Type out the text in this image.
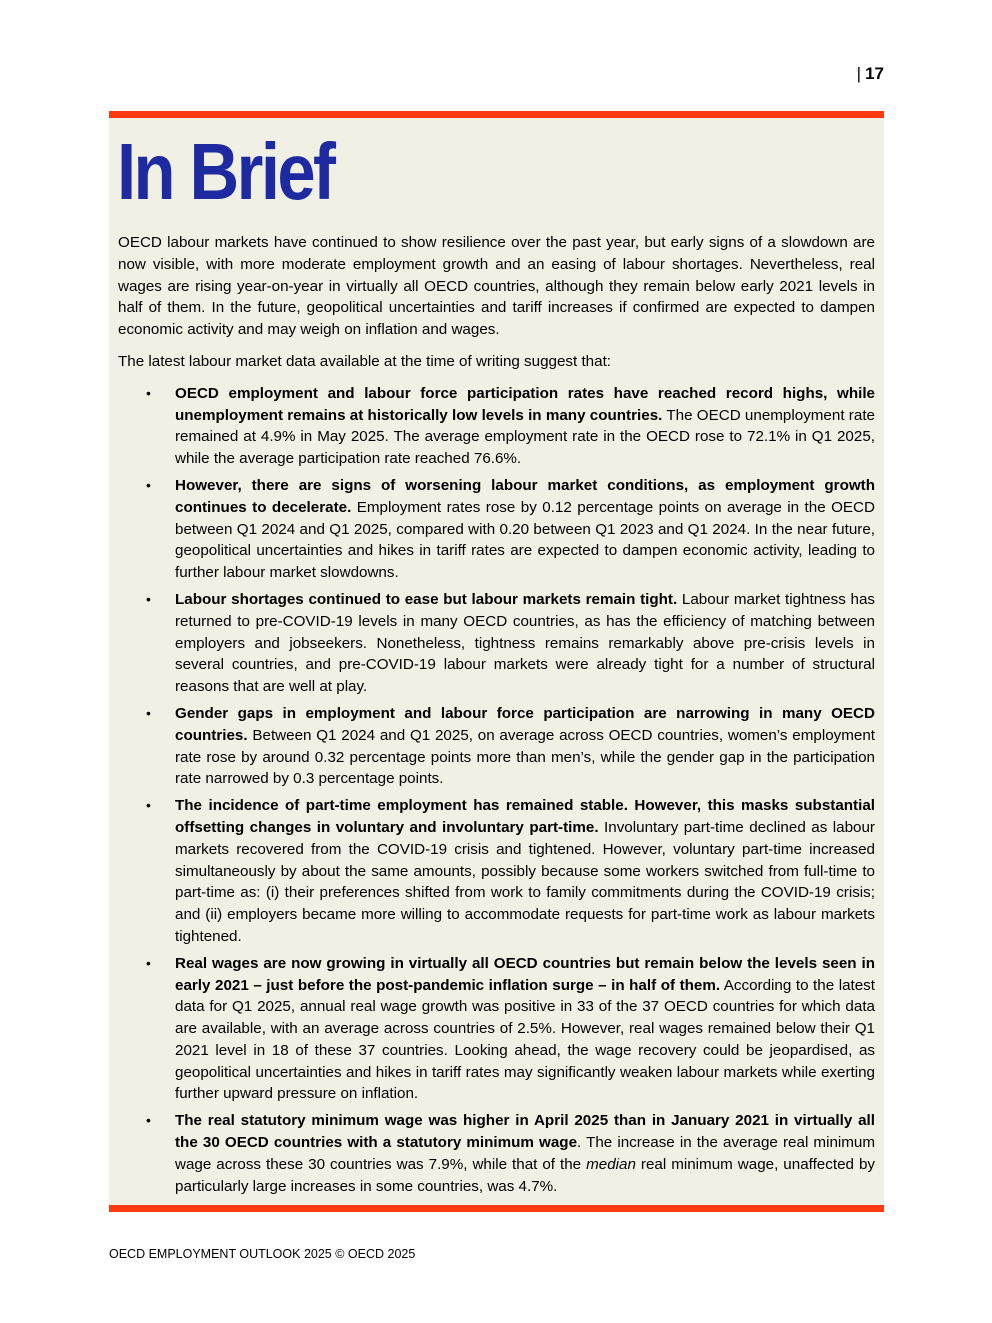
| 17
In Brief

OECD labour markets have continued to show resilience over the past year, but early signs of a slowdown are now visible, with more moderate employment growth and an easing of labour shortages. Nevertheless, real wages are rising year-on-year in virtually all OECD countries, although they remain below early 2021 levels in half of them. In the future, geopolitical uncertainties and tariff increases if confirmed are expected to dampen economic activity and may weigh on inflation and wages.

The latest labour market data available at the time of writing suggest that:

• OECD employment and labour force participation rates have reached record highs, while unemployment remains at historically low levels in many countries. The OECD unemployment rate remained at 4.9% in May 2025. The average employment rate in the OECD rose to 72.1% in Q1 2025, while the average participation rate reached 76.6%.
• However, there are signs of worsening labour market conditions, as employment growth continues to decelerate. Employment rates rose by 0.12 percentage points on average in the OECD between Q1 2024 and Q1 2025, compared with 0.20 between Q1 2023 and Q1 2024. In the near future, geopolitical uncertainties and hikes in tariff rates are expected to dampen economic activity, leading to further labour market slowdowns.
• Labour shortages continued to ease but labour markets remain tight. Labour market tightness has returned to pre-COVID-19 levels in many OECD countries, as has the efficiency of matching between employers and jobseekers. Nonetheless, tightness remains remarkably above pre-crisis levels in several countries, and pre-COVID-19 labour markets were already tight for a number of structural reasons that are well at play.
• Gender gaps in employment and labour force participation are narrowing in many OECD countries. Between Q1 2024 and Q1 2025, on average across OECD countries, women’s employment rate rose by around 0.32 percentage points more than men’s, while the gender gap in the participation rate narrowed by 0.3 percentage points.
• The incidence of part-time employment has remained stable. However, this masks substantial offsetting changes in voluntary and involuntary part-time. Involuntary part-time declined as labour markets recovered from the COVID-19 crisis and tightened. However, voluntary part-time increased simultaneously by about the same amounts, possibly because some workers switched from full-time to part-time as: (i) their preferences shifted from work to family commitments during the COVID-19 crisis; and (ii) employers became more willing to accommodate requests for part-time work as labour markets tightened.
• Real wages are now growing in virtually all OECD countries but remain below the levels seen in early 2021 – just before the post-pandemic inflation surge – in half of them. According to the latest data for Q1 2025, annual real wage growth was positive in 33 of the 37 OECD countries for which data are available, with an average across countries of 2.5%. However, real wages remained below their Q1 2021 level in 18 of these 37 countries. Looking ahead, the wage recovery could be jeopardised, as geopolitical uncertainties and hikes in tariff rates may significantly weaken labour markets while exerting further upward pressure on inflation.
• The real statutory minimum wage was higher in April 2025 than in January 2021 in virtually all the 30 OECD countries with a statutory minimum wage. The increase in the average real minimum wage across these 30 countries was 7.9%, while that of the median real minimum wage, unaffected by particularly large increases in some countries, was 4.7%.
OECD EMPLOYMENT OUTLOOK 2025 © OECD 2025
